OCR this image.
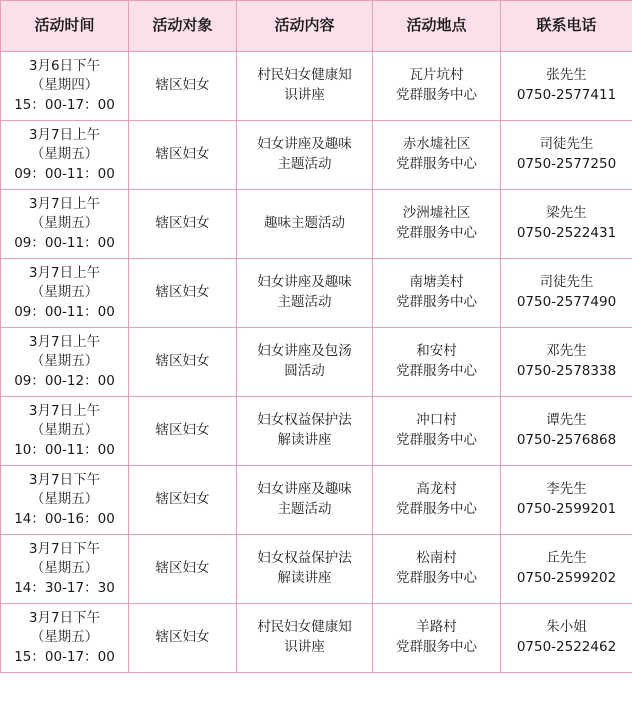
活动时间	活动对象	活动内容	活动地点	联系电话

3月6日下午
（星期四）
15：00-17：00	辖区妇女	村民妇女健康知
识讲座	瓦片坑村
党群服务中心	张先生
0750-2577411

3月7日上午
（星期五）
09：00-11：00	辖区妇女	妇女讲座及趣味
主题活动	赤水墟社区
党群服务中心	司徒先生
0750-2577250

3月7日上午
（星期五）
09：00-11：00	辖区妇女	趣味主题活动	沙洲墟社区
党群服务中心	梁先生
0750-2522431

3月7日上午
（星期五）
09：00-11：00	辖区妇女	妇女讲座及趣味
主题活动	南塘美村
党群服务中心	司徒先生
0750-2577490

3月7日上午
（星期五）
09：00-12：00	辖区妇女	妇女讲座及包汤
圆活动	和安村
党群服务中心	邓先生
0750-2578338

3月7日上午
（星期五）
10：00-11：00	辖区妇女	妇女权益保护法
解读讲座	冲口村
党群服务中心	谭先生
0750-2576868

3月7日下午
（星期五）
14：00-16：00	辖区妇女	妇女讲座及趣味
主题活动	高龙村
党群服务中心	李先生
0750-2599201

3月7日下午
（星期五）
14：30-17：30	辖区妇女	妇女权益保护法
解读讲座	松南村
党群服务中心	丘先生
0750-2599202

3月7日下午
（星期五）
15：00-17：00	辖区妇女	村民妇女健康知
识讲座	羊路村
党群服务中心	朱小姐
0750-2522462
